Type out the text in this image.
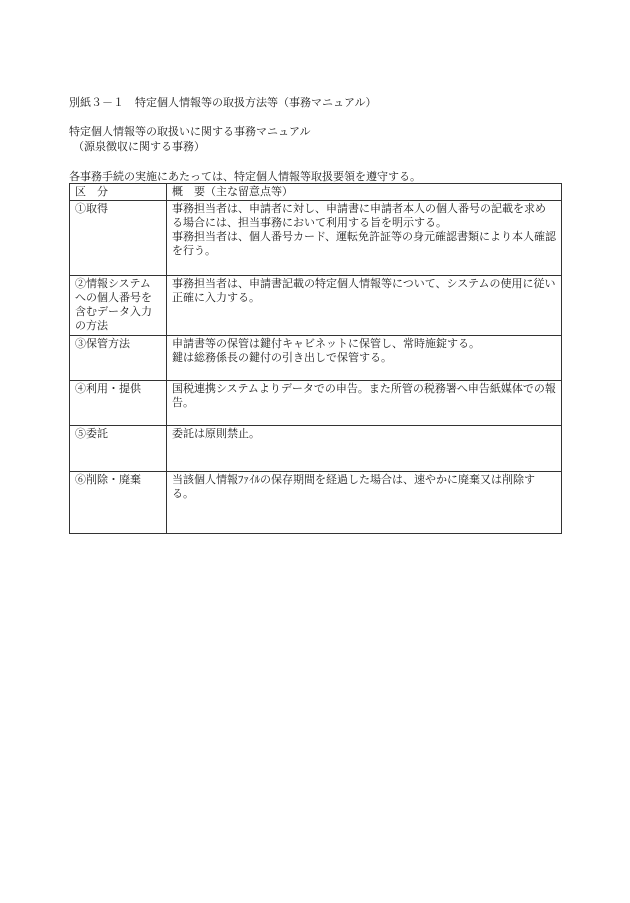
別紙３－１　特定個人情報等の取扱方法等（事務マニュアル）
特定個人情報等の取扱いに関する事務マニュアル
（源泉徴収に関する事務）
各事務手続の実施にあたっては、特定個人情報等取扱要領を遵守する。
区　分	概　要（主な留意点等）
①取得	事務担当者は、申請者に対し、申請書に申請者本人の個人番号の記載を求める場合には、担当事務において利用する旨を明示する。
事務担当者は、個人番号カード、運転免許証等の身元確認書類により本人確認を行う。

②情報システムへの個人番号を含むデータ入力の方法	事務担当者は、申請書記載の特定個人情報等について、システムの使用に従い正確に入力する。

③保管方法	申請書等の保管は鍵付キャビネットに保管し、常時施錠する。
鍵は総務係長の鍵付の引き出しで保管する。

④利用・提供	国税連携システムよりデータでの申告。また所管の税務署へ申告紙媒体での報告。

⑤委託	委託は原則禁止。

⑥削除・廃棄	当該個人情報ﾌｧｲﾙの保存期間を経過した場合は、速やかに廃棄又は削除する。
